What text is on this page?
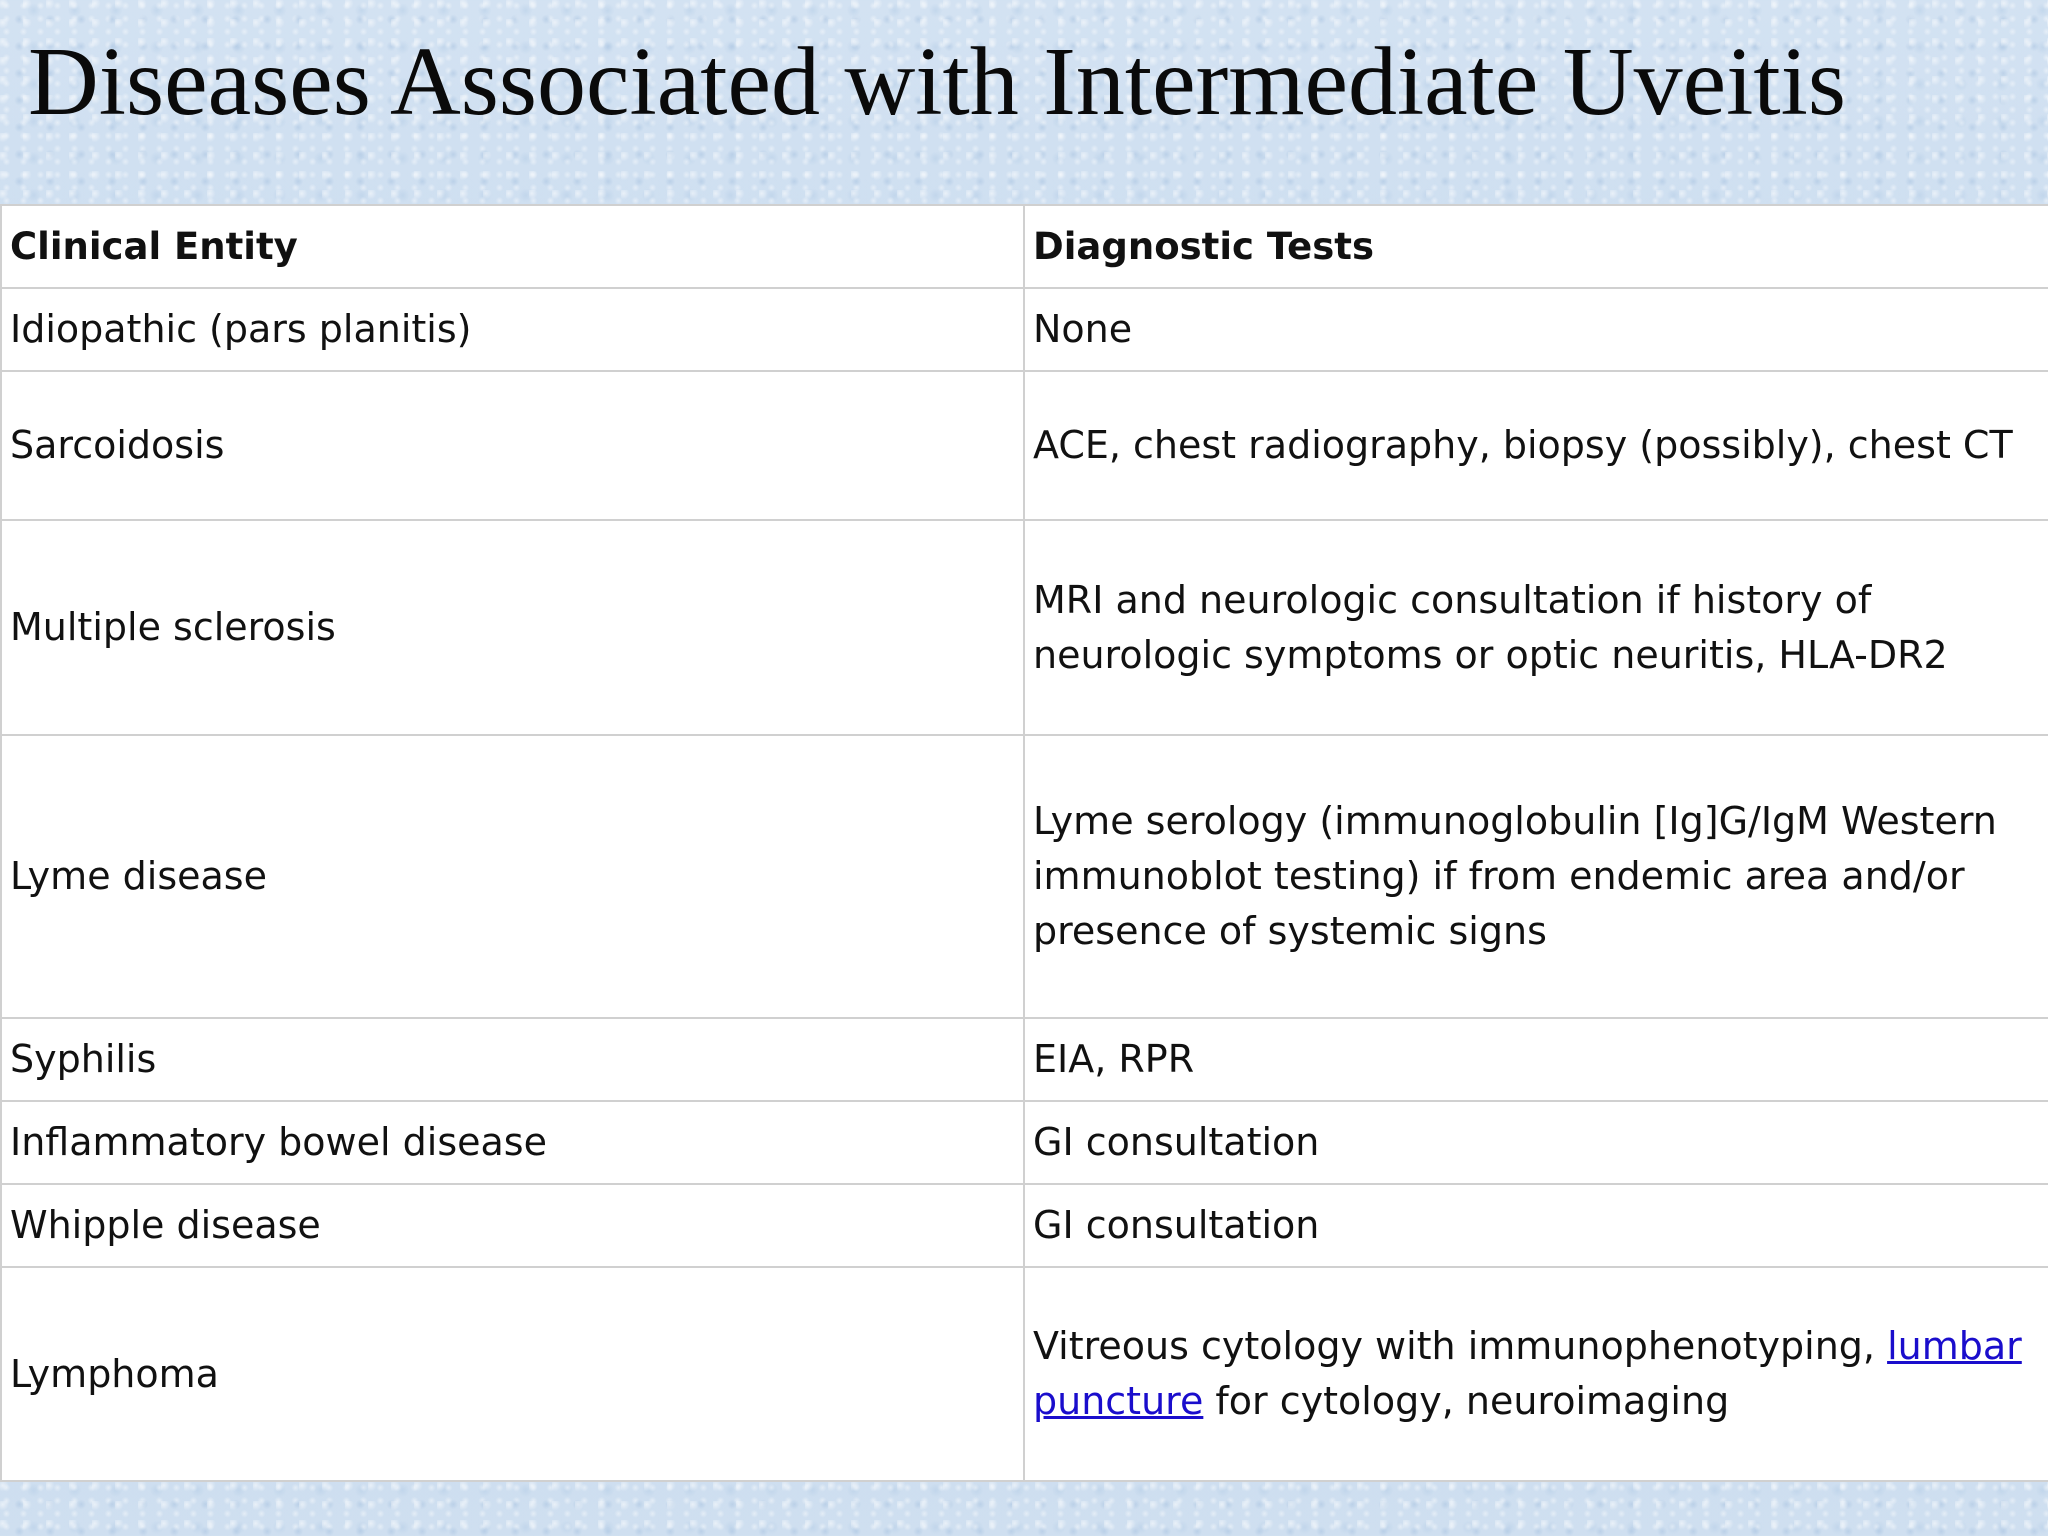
Diseases Associated with Intermediate Uveitis
Clinical Entity	Diagnostic Tests
Idiopathic (pars planitis)	None
Sarcoidosis	ACE, chest radiography, biopsy (possibly), chest CT
Multiple sclerosis	MRI and neurologic consultation if history of
neurologic symptoms or optic neuritis, HLA-DR2

Lyme disease	Lyme serology (immunoglobulin [Ig]G/IgM Western
immunoblot testing) if from endemic area and/or
presence of systemic signs

Syphilis	EIA, RPR
Inflammatory bowel disease	GI consultation
Whipple disease	GI consultation
Lymphoma	Vitreous cytology with immunophenotyping, lumbar
puncture for cytology, neuroimaging
